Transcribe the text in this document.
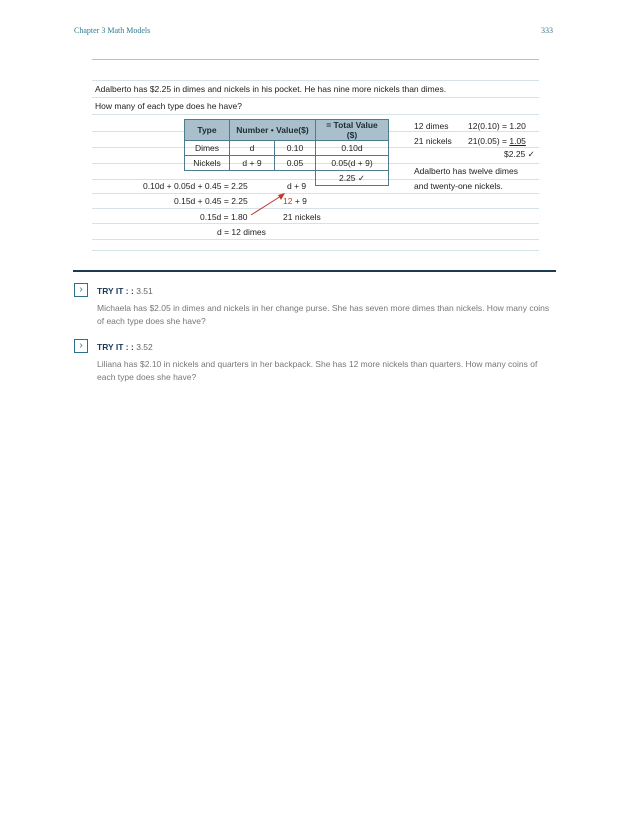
Chapter 3 Math Models	333
Adalberto has $2.25 in dimes and nickels in his pocket. He has nine more nickels than dimes.
How many of each type does he have?
Type	Number • Value($)		= Total Value ($)
Dimes	d	0.10	0.10d
Nickels	d + 9	0.05	0.05(d + 9)
			2.25 ✓
12 dimes 12(0.10) = 1.20
21 nickels 21(0.05) = 1.05
$2.25 ✓
Adalberto has twelve dimes
and twenty-one nickels.
0.10d + 0.05d + 0.45 = 2.25
0.15d + 0.45 = 2.25
0.15d = 1.80
d = 12 dimes
d + 9
12 + 9
21 nickels
›	TRY IT : : 3.51
Michaela has $2.05 in dimes and nickels in her change purse. She has seven more dimes than nickels. How many coins of each type does she have?
›	TRY IT : : 3.52
Liliana has $2.10 in nickels and quarters in her backpack. She has 12 more nickels than quarters. How many coins of each type does she have?
